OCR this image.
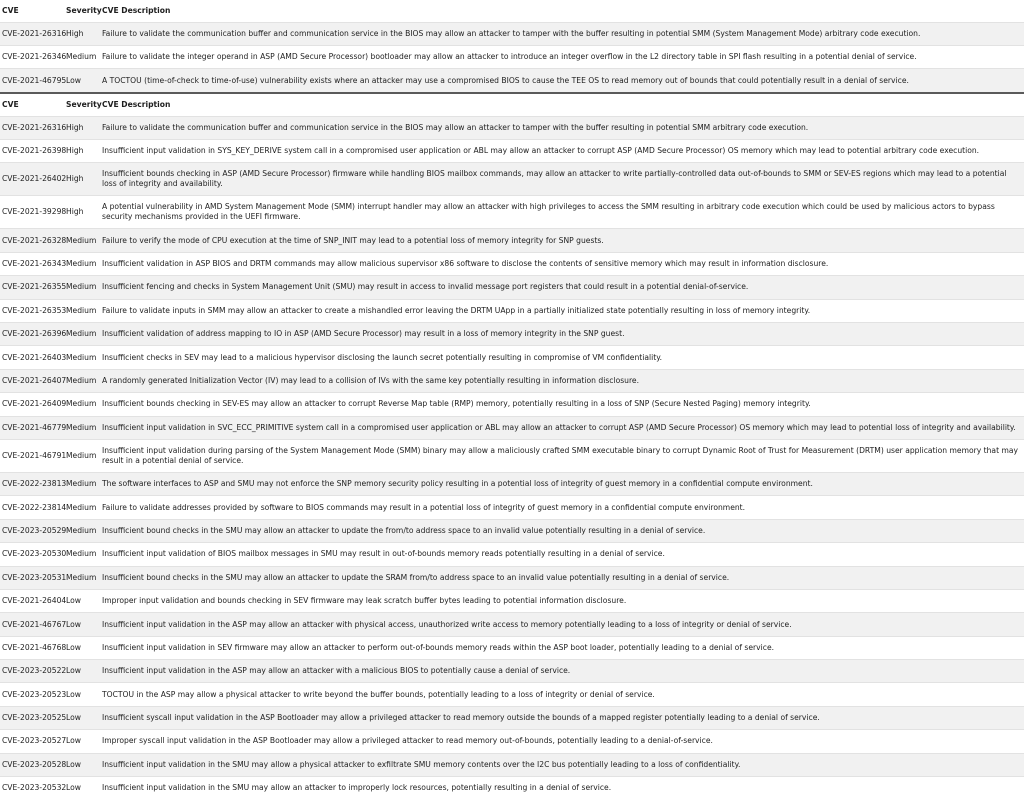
CVE	Severity	CVE Description
CVE-2021-26316	High	Failure to validate the communication buffer and communication service in the BIOS may allow an attacker to tamper with the buffer resulting in potential SMM (System Management Mode) arbitrary code execution.
CVE-2021-26346	Medium	Failure to validate the integer operand in ASP (AMD Secure Processor) bootloader may allow an attacker to introduce an integer overflow in the L2 directory table in SPI flash resulting in a potential denial of service.
CVE-2021-46795	Low	A TOCTOU (time-of-check to time-of-use) vulnerability exists where an attacker may use a compromised BIOS to cause the TEE OS to read memory out of bounds that could potentially result in a denial of service.
CVE	Severity	CVE Description
CVE-2021-26316	High	Failure to validate the communication buffer and communication service in the BIOS may allow an attacker to tamper with the buffer resulting in potential SMM arbitrary code execution.
CVE-2021-26398	High	Insufficient input validation in SYS_KEY_DERIVE system call in a compromised user application or ABL may allow an attacker to corrupt ASP (AMD Secure Processor) OS memory which may lead to potential arbitrary code execution.
CVE-2021-26402	High	Insufficient bounds checking in ASP (AMD Secure Processor) firmware while handling BIOS mailbox commands, may allow an attacker to write partially-controlled data out-of-bounds to SMM or SEV-ES regions which may lead to a potential loss of integrity and availability.
CVE-2021-39298	High	A potential vulnerability in AMD System Management Mode (SMM) interrupt handler may allow an attacker with high privileges to access the SMM resulting in arbitrary code execution which could be used by malicious actors to bypass security mechanisms provided in the UEFI firmware.
CVE-2021-26328	Medium	Failure to verify the mode of CPU execution at the time of SNP_INIT may lead to a potential loss of memory integrity for SNP guests.
CVE-2021-26343	Medium	Insufficient validation in ASP BIOS and DRTM commands may allow malicious supervisor x86 software to disclose the contents of sensitive memory which may result in information disclosure.
CVE-2021-26355	Medium	Insufficient fencing and checks in System Management Unit (SMU) may result in access to invalid message port registers that could result in a potential denial-of-service.
CVE-2021-26353	Medium	Failure to validate inputs in SMM may allow an attacker to create a mishandled error leaving the DRTM UApp in a partially initialized state potentially resulting in loss of memory integrity.
CVE-2021-26396	Medium	Insufficient validation of address mapping to IO in ASP (AMD Secure Processor) may result in a loss of memory integrity in the SNP guest.
CVE-2021-26403	Medium	Insufficient checks in SEV may lead to a malicious hypervisor disclosing the launch secret potentially resulting in compromise of VM confidentiality.
CVE-2021-26407	Medium	A randomly generated Initialization Vector (IV) may lead to a collision of IVs with the same key potentially resulting in information disclosure.
CVE-2021-26409	Medium	Insufficient bounds checking in SEV-ES may allow an attacker to corrupt Reverse Map table (RMP) memory, potentially resulting in a loss of SNP (Secure Nested Paging) memory integrity.
CVE-2021-46779	Medium	Insufficient input validation in SVC_ECC_PRIMITIVE system call in a compromised user application or ABL may allow an attacker to corrupt ASP (AMD Secure Processor) OS memory which may lead to potential loss of integrity and availability.
CVE-2021-46791	Medium	Insufficient input validation during parsing of the System Management Mode (SMM) binary may allow a maliciously crafted SMM executable binary to corrupt Dynamic Root of Trust for Measurement (DRTM) user application memory that may result in a potential denial of service.
CVE-2022-23813	Medium	The software interfaces to ASP and SMU may not enforce the SNP memory security policy resulting in a potential loss of integrity of guest memory in a confidential compute environment.
CVE-2022-23814	Medium	Failure to validate addresses provided by software to BIOS commands may result in a potential loss of integrity of guest memory in a confidential compute environment.
CVE-2023-20529	Medium	Insufficient bound checks in the SMU may allow an attacker to update the from/to address space to an invalid value potentially resulting in a denial of service.
CVE-2023-20530	Medium	Insufficient input validation of BIOS mailbox messages in SMU may result in out-of-bounds memory reads potentially resulting in a denial of service.
CVE-2023-20531	Medium	Insufficient bound checks in the SMU may allow an attacker to update the SRAM from/to address space to an invalid value potentially resulting in a denial of service.
CVE-2021-26404	Low	Improper input validation and bounds checking in SEV firmware may leak scratch buffer bytes leading to potential information disclosure.
CVE-2021-46767	Low	Insufficient input validation in the ASP may allow an attacker with physical access, unauthorized write access to memory potentially leading to a loss of integrity or denial of service.
CVE-2021-46768	Low	Insufficient input validation in SEV firmware may allow an attacker to perform out-of-bounds memory reads within the ASP boot loader, potentially leading to a denial of service.
CVE-2023-20522	Low	Insufficient input validation in the ASP may allow an attacker with a malicious BIOS to potentially cause a denial of service.
CVE-2023-20523	Low	TOCTOU in the ASP may allow a physical attacker to write beyond the buffer bounds, potentially leading to a loss of integrity or denial of service.
CVE-2023-20525	Low	Insufficient syscall input validation in the ASP Bootloader may allow a privileged attacker to read memory outside the bounds of a mapped register potentially leading to a denial of service.
CVE-2023-20527	Low	Improper syscall input validation in the ASP Bootloader may allow a privileged attacker to read memory out-of-bounds, potentially leading to a denial-of-service.
CVE-2023-20528	Low	Insufficient input validation in the SMU may allow a physical attacker to exfiltrate SMU memory contents over the I2C bus potentially leading to a loss of confidentiality.
CVE-2023-20532	Low	Insufficient input validation in the SMU may allow an attacker to improperly lock resources, potentially resulting in a denial of service.
